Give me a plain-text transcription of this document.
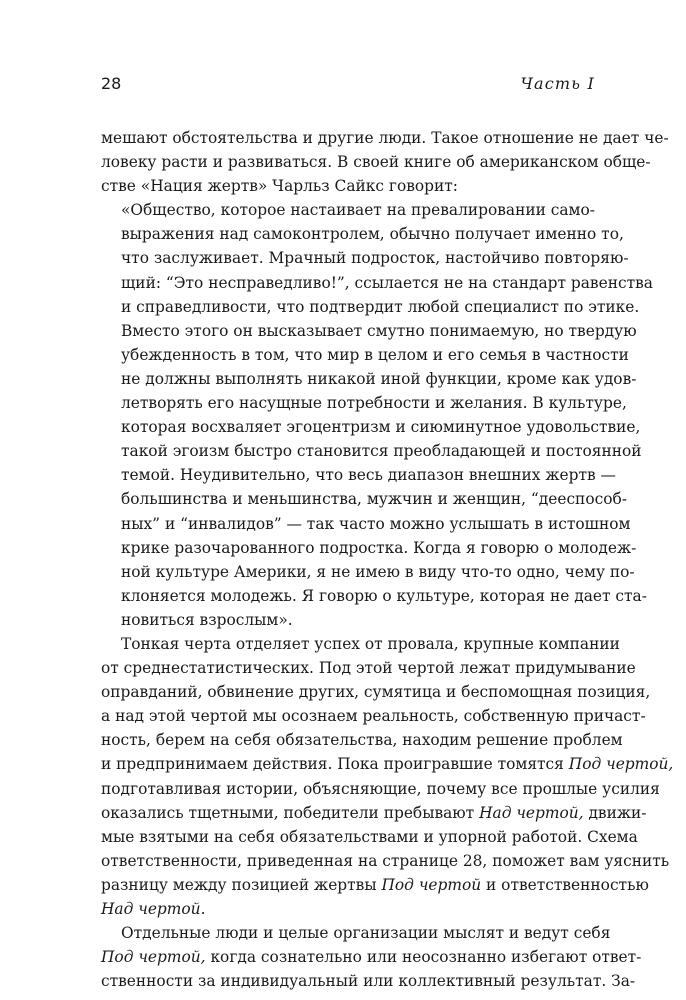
28	Часть I
мешают обстоятельства и другие люди. Такое отношение не дает че-
ловеку расти и развиваться. В своей книге об американском обще-
стве «Нация жертв» Чарльз Сайкс говорит:
«Общество, которое настаивает на превалировании само-
выражения над самоконтролем, обычно получает именно то,
что заслуживает. Мрачный подросток, настойчиво повторяю-
щий: “Это несправедливо!”, ссылается не на стандарт равенства
и справедливости, что подтвердит любой специалист по этике.
Вместо этого он высказывает смутно понимаемую, но твердую
убежденность в том, что мир в целом и его семья в частности
не должны выполнять никакой иной функции, кроме как удов-
летворять его насущные потребности и желания. В культуре,
которая восхваляет эгоцентризм и сиюминутное удовольствие,
такой эгоизм быстро становится преобладающей и постоянной
темой. Неудивительно, что весь диапазон внешних жертв —
большинства и меньшинства, мужчин и женщин, “дееспособ-
ных” и “инвалидов” — так часто можно услышать в истошном
крике разочарованного подростка. Когда я говорю о молодеж-
ной культуре Америки, я не имею в виду что-то одно, чему по-
клоняется молодежь. Я говорю о культуре, которая не дает ста-
новиться взрослым».
Тонкая черта отделяет успех от провала, крупные компании
от среднестатистических. Под этой чертой лежат придумывание
оправданий, обвинение других, сумятица и беспомощная позиция,
а над этой чертой мы осознаем реальность, собственную причаст-
ность, берем на себя обязательства, находим решение проблем
и предпринимаем действия. Пока проигравшие томятся Под чертой,
подготавливая истории, объясняющие, почему все прошлые усилия
оказались тщетными, победители пребывают Над чертой, движи-
мые взятыми на себя обязательствами и упорной работой. Схема
ответственности, приведенная на странице 28, поможет вам уяснить
разницу между позицией жертвы Под чертой и ответственностью
Над чертой.
Отдельные люди и целые организации мыслят и ведут себя
Под чертой, когда сознательно или неосознанно избегают ответ-
ственности за индивидуальный или коллективный результат. За-
